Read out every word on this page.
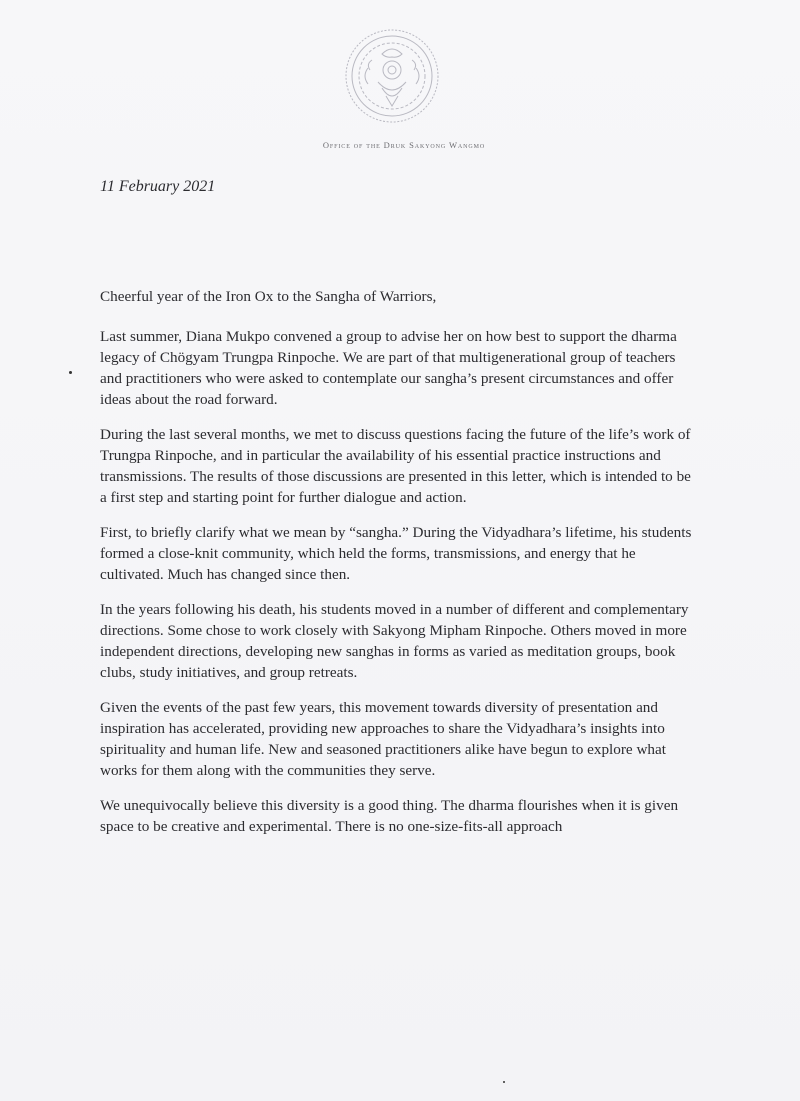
Office of the Druk Sakyong Wangmo
11 February 2021

Cheerful year of the Iron Ox to the Sangha of Warriors,

Last summer, Diana Mukpo convened a group to advise her on how best to support the dharma legacy of Chögyam Trungpa Rinpoche. We are part of that multigenerational group of teachers and practitioners who were asked to contemplate our sangha’s present circumstances and offer ideas about the road forward.

During the last several months, we met to discuss questions facing the future of the life’s work of Trungpa Rinpoche, and in particular the availability of his essential practice instructions and transmissions. The results of those discussions are presented in this letter, which is intended to be a first step and starting point for further dialogue and action.

First, to briefly clarify what we mean by “sangha.” During the Vidyadhara’s lifetime, his students formed a close-knit community, which held the forms, transmissions, and energy that he cultivated. Much has changed since then.

In the years following his death, his students moved in a number of different and complementary directions. Some chose to work closely with Sakyong Mipham Rinpoche. Others moved in more independent directions, developing new sanghas in forms as varied as meditation groups, book clubs, study initiatives, and group retreats.

Given the events of the past few years, this movement towards diversity of presentation and inspiration has accelerated, providing new approaches to share the Vidyadhara’s insights into spirituality and human life. New and seasoned practitioners alike have begun to explore what works for them along with the communities they serve.

We unequivocally believe this diversity is a good thing. The dharma flourishes when it is given space to be creative and experimental. There is no one-size-fits-all approach
